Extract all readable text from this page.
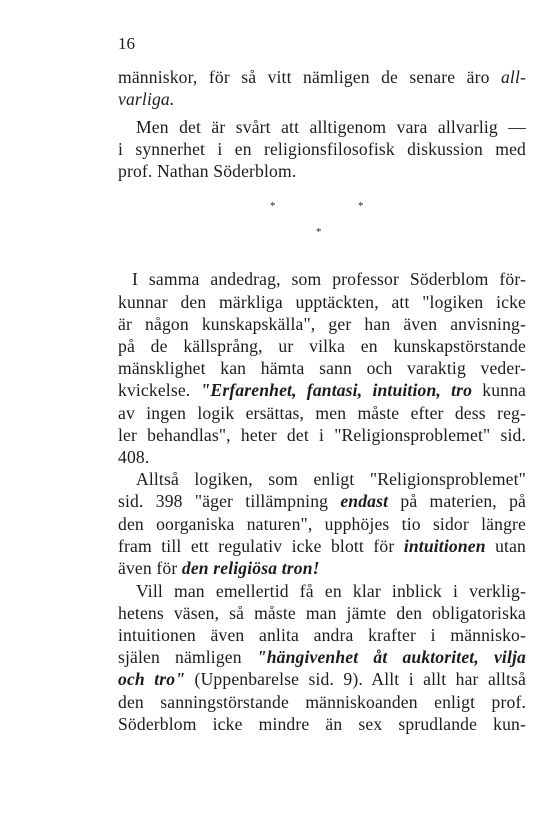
16
människor, för så vitt nämligen de senare äro all-
varliga.
Men det är svårt att alltigenom vara allvarlig —
i synnerhet i en religionsfilosofisk diskussion med
prof. Nathan Söderblom.
*	*
*
I samma andedrag, som professor Söderblom för-
kunnar den märkliga upptäckten, att "logiken icke
är någon kunskapskälla", ger han även anvisning-
på de källsprång, ur vilka en kunskapstörstande
mänsklighet kan hämta sann och varaktig veder-
kvickelse. "Erfarenhet, fantasi, intuition, tro kunna
av ingen logik ersättas, men måste efter dess reg-
ler behandlas", heter det i "Religionsproblemet" sid.
408.
Alltså logiken, som enligt "Religionsproblemet"
sid. 398 "äger tillämpning endast på materien, på
den oorganiska naturen", upphöjes tio sidor längre
fram till ett regulativ icke blott för intuitionen utan
även för den religiösa tron!
Vill man emellertid få en klar inblick i verklig-
hetens väsen, så måste man jämte den obligatoriska
intuitionen även anlita andra krafter i människo-
själen nämligen "hängivenhet åt auktoritet, vilja
och tro" (Uppenbarelse sid. 9). Allt i allt har alltså
den sanningstörstande människoanden enligt prof.
Söderblom icke mindre än sex sprudlande kun-
